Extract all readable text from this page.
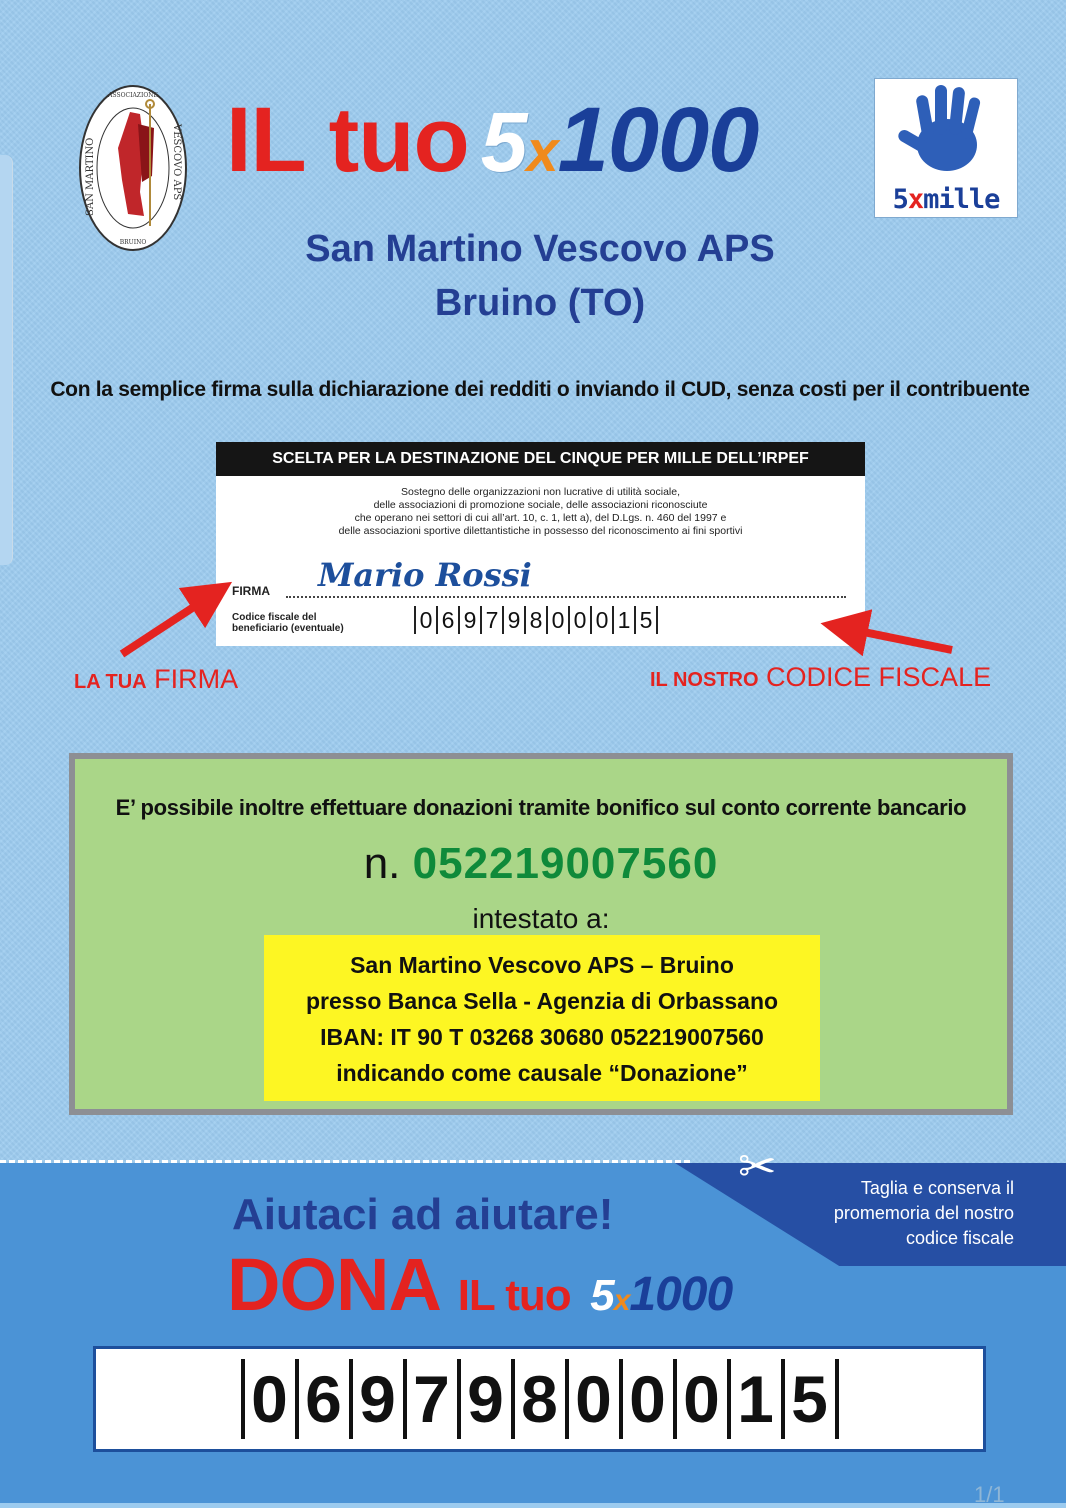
ASSOCIAZIONE
SAN MARTINO	VESCOVO APS
BRUINO
IL tuo 5x1000
5xmille
San Martino Vescovo APS
Bruino (TO)
Con la semplice firma sulla dichiarazione dei redditi o inviando il CUD, senza costi per il contribuente
SCELTA PER LA DESTINAZIONE DEL CINQUE PER MILLE DELL’IRPEF
Sostegno delle organizzazioni non lucrative di utilità sociale,
delle associazioni di promozione sociale, delle associazioni riconosciute
che operano nei settori di cui all’art. 10, c. 1, lett a), del D.Lgs. n. 460 del 1997 e
delle associazioni sportive dilettantistiche in possesso del riconoscimento ai fini sportivi
FIRMA Mario Rossi
Codice fiscale del
beneficiario (eventuale)	0 6 9 7 9 8 0 0 0 1 5
LA TUA FIRMA	IL NOSTRO CODICE FISCALE
E’ possibile inoltre effettuare donazioni tramite bonifico sul conto corrente bancario
n. 052219007560
intestato a:
San Martino Vescovo APS – Bruino
presso Banca Sella - Agenzia di Orbassano
IBAN: IT 90 T 03268 30680 052219007560
indicando come causale “Donazione”
✂	Taglia e conserva il
promemoria del nostro
codice fiscale
Aiutaci ad aiutare!
DONA IL tuo 5x1000
0 6 9 7 9 8 0 0 0 1 5
1/1
